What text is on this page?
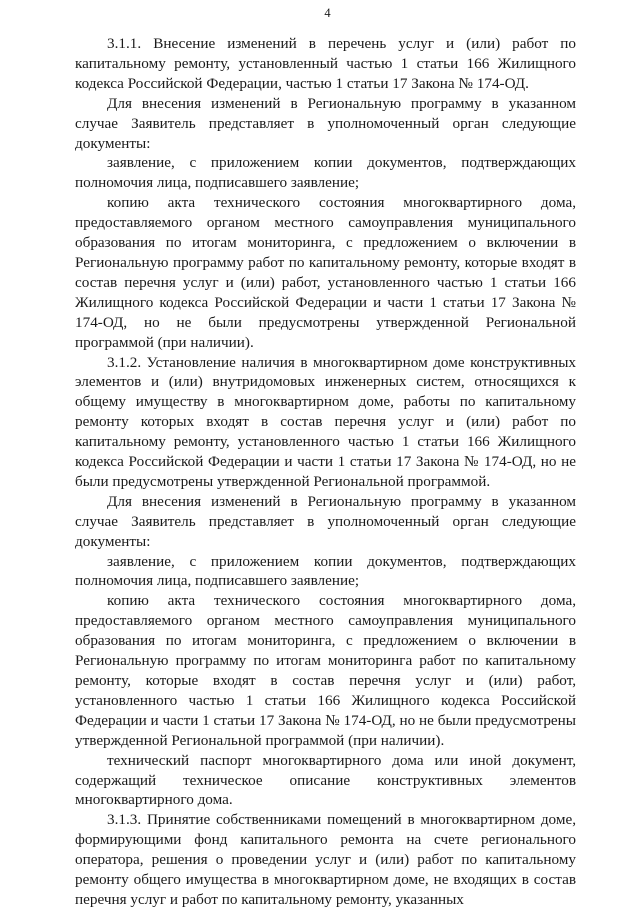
4

3.1.1. Внесение изменений в перечень услуг и (или) работ по капитальному ремонту, установленный частью 1 статьи 166 Жилищного кодекса Российской Федерации, частью 1 статьи 17 Закона № 174-ОД.

Для внесения изменений в Региональную программу в указанном случае Заявитель представляет в уполномоченный орган следующие документы:

заявление, с приложением копии документов, подтверждающих полномочия лица, подписавшего заявление;

копию акта технического состояния многоквартирного дома, предоставляемого органом местного самоуправления муниципального образования по итогам мониторинга, с предложением о включении в Региональную программу работ по капитальному ремонту, которые входят в состав перечня услуг и (или) работ, установленного частью 1 статьи 166 Жилищного кодекса Российской Федерации и части 1 статьи 17 Закона № 174-ОД, но не были предусмотрены утвержденной Региональной программой (при наличии).

3.1.2. Установление наличия в многоквартирном доме конструктивных элементов и (или) внутридомовых инженерных систем, относящихся к общему имуществу в многоквартирном доме, работы по капитальному ремонту которых входят в состав перечня услуг и (или) работ по капитальному ремонту, установленного частью 1 статьи 166 Жилищного кодекса Российской Федерации и части 1 статьи 17 Закона № 174-ОД, но не были предусмотрены утвержденной Региональной программой.

Для внесения изменений в Региональную программу в указанном случае Заявитель представляет в уполномоченный орган следующие документы:

заявление, с приложением копии документов, подтверждающих полномочия лица, подписавшего заявление;

копию акта технического состояния многоквартирного дома, предоставляемого органом местного самоуправления муниципального образования по итогам мониторинга, с предложением о включении в Региональную программу по итогам мониторинга работ по капитальному ремонту, которые входят в состав перечня услуг и (или) работ, установленного частью 1 статьи 166 Жилищного кодекса Российской Федерации и части 1 статьи 17 Закона № 174-ОД, но не были предусмотрены утвержденной Региональной программой (при наличии).

технический паспорт многоквартирного дома или иной документ, содержащий техническое описание конструктивных элементов многоквартирного дома.

3.1.3. Принятие собственниками помещений в многоквартирном доме, формирующими фонд капитального ремонта на счете регионального оператора, решения о проведении услуг и (или) работ по капитальному ремонту общего имущества в многоквартирном доме, не входящих в состав перечня услуг и работ по капитальному ремонту, указанных
